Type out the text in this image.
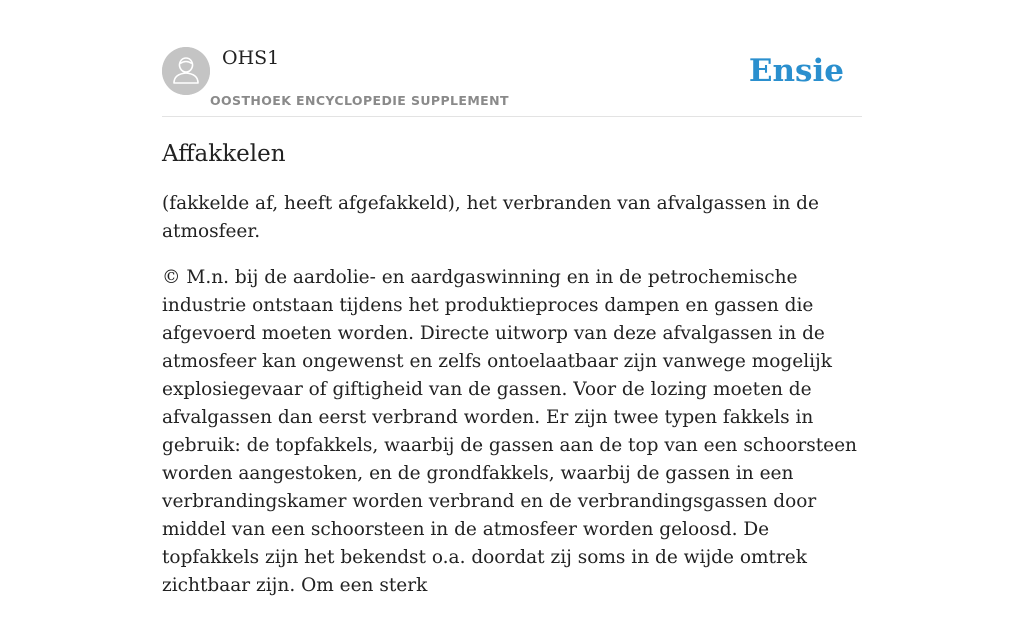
OHS1
OOSTHOEK ENCYCLOPEDIE SUPPLEMENT
Ensie
Affakkelen

(fakkelde af, heeft afgefakkeld), het verbranden van afvalgassen in de atmosfeer.

© M.n. bij de aardolie- en aardgaswinning en in de petrochemische industrie ontstaan tijdens het produktieproces dampen en gassen die afgevoerd moeten worden. Directe uitworp van deze afvalgassen in de atmosfeer kan ongewenst en zelfs ontoelaatbaar zijn vanwege mogelijk explosiegevaar of giftigheid van de gassen. Voor de lozing moeten de afvalgassen dan eerst verbrand worden. Er zijn twee typen fakkels in gebruik: de topfakkels, waarbij de gassen aan de top van een schoorsteen worden aangestoken, en de grondfakkels, waarbij de gassen in een verbrandingskamer worden verbrand en de verbrandingsgassen door middel van een schoorsteen in de atmosfeer worden geloosd. De topfakkels zijn het bekendst o.a. doordat zij soms in de wijde omtrek zichtbaar zijn. Om een sterk
